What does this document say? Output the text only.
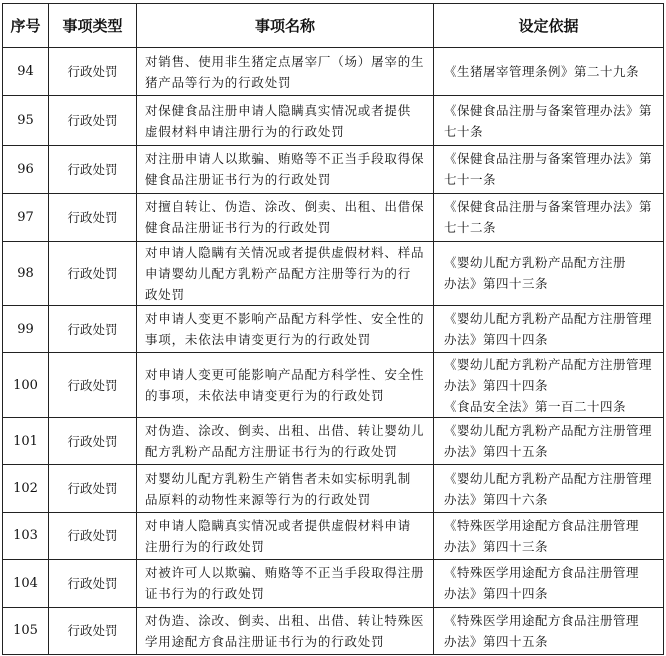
序号	事项类型	事项名称	设定依据
94	行政处罚	对销售、使用非生猪定点屠宰厂（场）屠宰的生
猪产品等行为的行政处罚	《生猪屠宰管理条例》第二十九条

95	行政处罚	对保健食品注册申请人隐瞒真实情况或者提供
虚假材料申请注册行为的行政处罚	《保健食品注册与备案管理办法》第
七十条

96	行政处罚	对注册申请人以欺骗、贿赂等不正当手段取得保
健食品注册证书行为的行政处罚	《保健食品注册与备案管理办法》第
七十一条

97	行政处罚	对擅自转让、伪造、涂改、倒卖、出租、出借保
健食品注册证书行为的行政处罚	《保健食品注册与备案管理办法》第
七十二条

98	行政处罚	对申请人隐瞒有关情况或者提供虚假材料、样品
申请婴幼儿配方乳粉产品配方注册等行为的行
政处罚	《婴幼儿配方乳粉产品配方注册
办法》第四十三条

99	行政处罚	对申请人变更不影响产品配方科学性、安全性的
事项，未依法申请变更行为的行政处罚	《婴幼儿配方乳粉产品配方注册管理
办法》第四十四条

100	行政处罚	对申请人变更可能影响产品配方科学性、安全性
的事项，未依法申请变更行为的行政处罚	《婴幼儿配方乳粉产品配方注册管理
办法》第四十四条
《食品安全法》第一百二十四条

101	行政处罚	对伪造、涂改、倒卖、出租、出借、转让婴幼儿
配方乳粉产品配方注册证书行为的行政处罚	《婴幼儿配方乳粉产品配方注册管理
办法》第四十五条

102	行政处罚	对婴幼儿配方乳粉生产销售者未如实标明乳制
品原料的动物性来源等行为的行政处罚	《婴幼儿配方乳粉产品配方注册管理
办法》第四十六条

103	行政处罚	对申请人隐瞒真实情况或者提供虚假材料申请
注册行为的行政处罚	《特殊医学用途配方食品注册管理
办法》第四十三条

104	行政处罚	对被许可人以欺骗、贿赂等不正当手段取得注册
证书行为的行政处罚	《特殊医学用途配方食品注册管理
办法》第四十四条

105	行政处罚	对伪造、涂改、倒卖、出租、出借、转让特殊医
学用途配方食品注册证书行为的行政处罚	《特殊医学用途配方食品注册管理
办法》第四十五条
